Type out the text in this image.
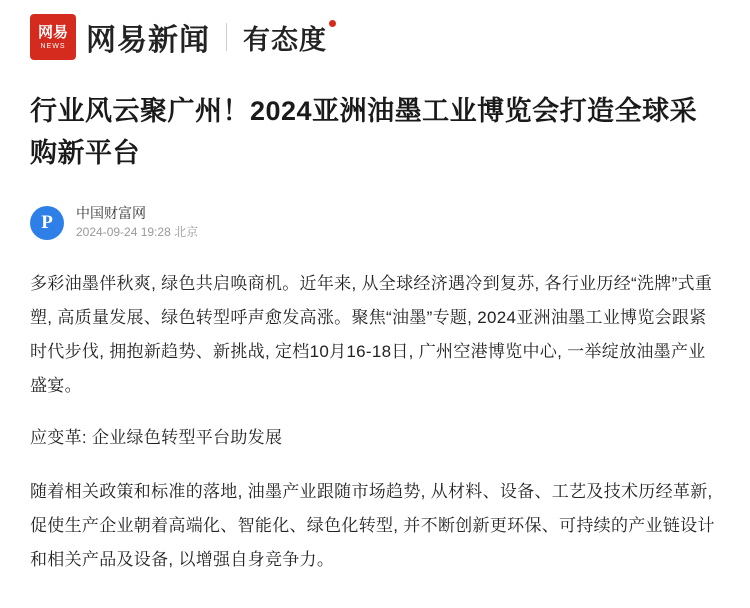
网易
NEWS 网易新闻 有态度
行业风云聚广州！2024亚洲油墨工业博览会打造全球采购新平台
P 中国财富网
2024-09-24 19:28 北京

多彩油墨伴秋爽, 绿色共启唤商机。近年来, 从全球经济遇冷到复苏, 各行业历经“洗牌”式重塑, 高质量发展、绿色转型呼声愈发高涨。聚焦“油墨”专题, 2024亚洲油墨工业博览会跟紧时代步伐, 拥抱新趋势、新挑战, 定档10月16-18日, 广州空港博览中心, 一举绽放油墨产业盛宴。

应变革: 企业绿色转型平台助发展

随着相关政策和标准的落地, 油墨产业跟随市场趋势, 从材料、设备、工艺及技术历经革新, 促使生产企业朝着高端化、智能化、绿色化转型, 并不断创新更环保、可持续的产业链设计和相关产品及设备, 以增强自身竞争力。
